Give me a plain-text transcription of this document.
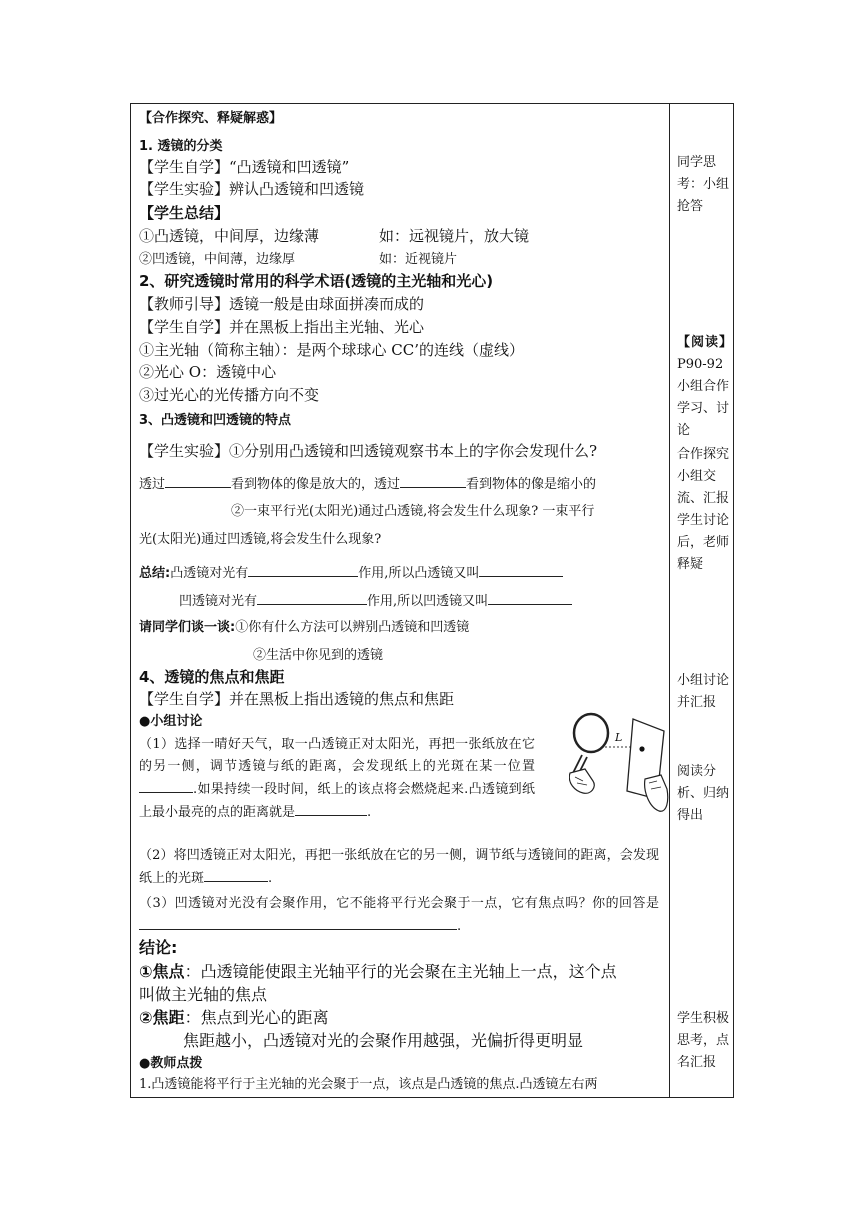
【合作探究、释疑解惑】
1. 透镜的分类
【学生自学】“凸透镜和凹透镜”
【学生实验】辨认凸透镜和凹透镜
【学生总结】
①凸透镜，中间厚，边缘薄	如：远视镜片，放大镜
②凹透镜，中间薄，边缘厚	如：近视镜片
2、研究透镜时常用的科学术语(透镜的主光轴和光心)
【教师引导】透镜一般是由球面拼凑而成的
【学生自学】并在黑板上指出主光轴、光心
①主光轴（简称主轴）：是两个球球心 CC’的连线（虚线）
②光心 O：透镜中心
③过光心的光传播方向不变
3、凸透镜和凹透镜的特点
【学生实验】①分别用凸透镜和凹透镜观察书本上的字你会发现什么?
透过	看到物体的像是放大的，透过	看到物体的像是缩小的
②一束平行光(太阳光)通过凸透镜,将会发生什么现象? 一束平行
光(太阳光)通过凹透镜,将会发生什么现象?
总结:凸透镜对光有	作用,所以凸透镜又叫
凹透镜对光有	作用,所以凹透镜又叫
请同学们谈一谈:①你有什么方法可以辨别凸透镜和凹透镜
②生活中你见到的透镜
4、透镜的焦点和焦距
【学生自学】并在黑板上指出透镜的焦点和焦距
●小组讨论
（1）选择一晴好天气，取一凸透镜正对太阳光，再把一张纸放在它的另一侧，调节透镜与纸的距离，会发现纸上的光斑在某一位置.如果持续一段时间，纸上的该点将会燃烧起来.凸透镜到纸上最小最亮的点的距离就是	.
L
（2）将凹透镜正对太阳光，再把一张纸放在它的另一侧，调节纸与透镜间的距离，会发现纸上的光斑	.
（3）凹透镜对光没有会聚作用，它不能将平行光会聚于一点，它有焦点吗？你的回答是.
结论:
①焦点：凸透镜能使跟主光轴平行的光会聚在主光轴上一点，这个点
叫做主光轴的焦点
②焦距：焦点到光心的距离
焦距越小，凸透镜对光的会聚作用越强，光偏折得更明显
●教师点拨
1.凸透镜能将平行于主光轴的光会聚于一点，该点是凸透镜的焦点.凸透镜左右两
同学思考：小组抢答
【阅读】
P90-92
小组合作学习、讨论
合作探究小组交流、汇报
学生讨论后，老师释疑
小组讨论并汇报
阅读分析、归纳得出
学生积极思考，点名汇报
